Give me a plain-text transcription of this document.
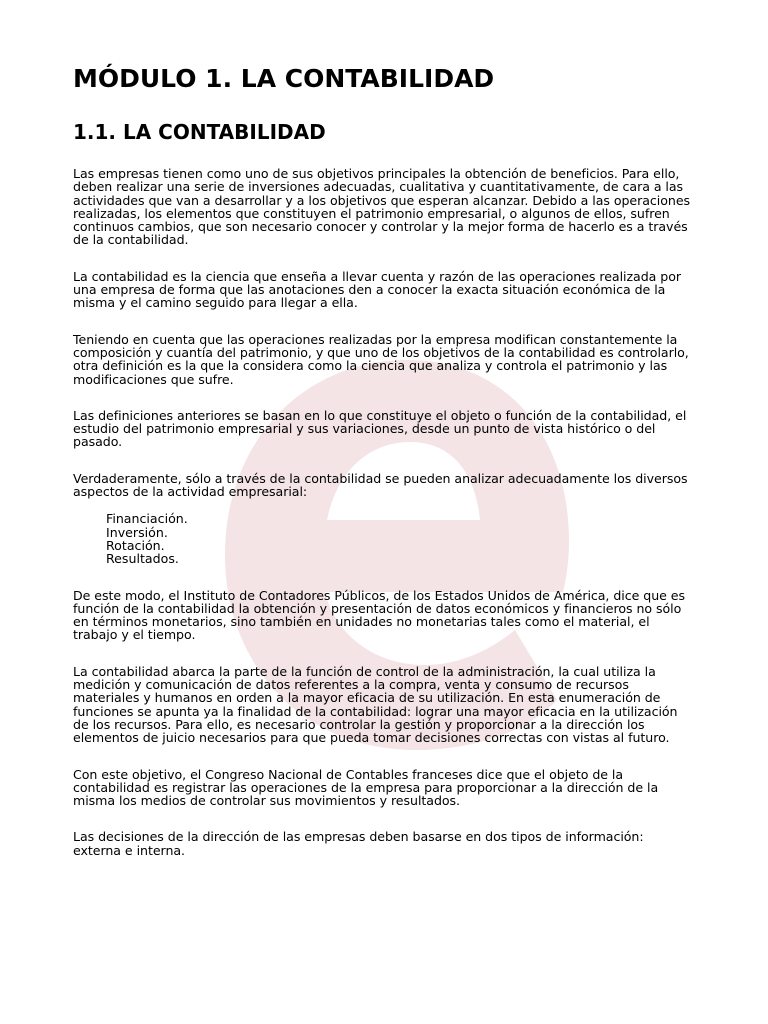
MÓDULO 1. LA CONTABILIDAD
1.1. LA CONTABILIDAD

Las empresas tienen como uno de sus objetivos principales la obtención de beneficios. Para ello, deben realizar una serie de inversiones adecuadas, cualitativa y cuantitativamente, de cara a las actividades que van a desarrollar y a los objetivos que esperan alcanzar. Debido a las operaciones realizadas, los elementos que constituyen el patrimonio empresarial, o algunos de ellos, sufren continuos cambios, que son necesario conocer y controlar y la mejor forma de hacerlo es a través de la contabilidad.

La contabilidad es la ciencia que enseña a llevar cuenta y razón de las operaciones realizada por una empresa de forma que las anotaciones den a conocer la exacta situación económica de la misma y el camino seguido para llegar a ella.

Teniendo en cuenta que las operaciones realizadas por la empresa modifican constantemente la composición y cuantía del patrimonio, y que uno de los objetivos de la contabilidad es controlarlo, otra definición es la que la considera como la ciencia que analiza y controla el patrimonio y las modificaciones que sufre.

Las definiciones anteriores se basan en lo que constituye el objeto o función de la contabilidad, el estudio del patrimonio empresarial y sus variaciones, desde un punto de vista histórico o del pasado.

Verdaderamente, sólo a través de la contabilidad se pueden analizar adecuadamente los diversos aspectos de la actividad empresarial:

Financiación.
Inversión.
Rotación.
Resultados.

De este modo, el Instituto de Contadores Públicos, de los Estados Unidos de América, dice que es función de la contabilidad la obtención y presentación de datos económicos y financieros no sólo en términos monetarios, sino también en unidades no monetarias tales como el material, el trabajo y el tiempo.

La contabilidad abarca la parte de la función de control de la administración, la cual utiliza la medición y comunicación de datos referentes a la compra, venta y consumo de recursos materiales y humanos en orden a la mayor eficacia de su utilización. En esta enumeración de funciones se apunta ya la finalidad de la contabilidad: lograr una mayor eficacia en la utilización de los recursos. Para ello, es necesario controlar la gestión y proporcionar a la dirección los elementos de juicio necesarios para que pueda tomar decisiones correctas con vistas al futuro.

Con este objetivo, el Congreso Nacional de Contables franceses dice que el objeto de la contabilidad es registrar las operaciones de la empresa para proporcionar a la dirección de la misma los medios de controlar sus movimientos y resultados.

Las decisiones de la dirección de las empresas deben basarse en dos tipos de información: externa e interna.
